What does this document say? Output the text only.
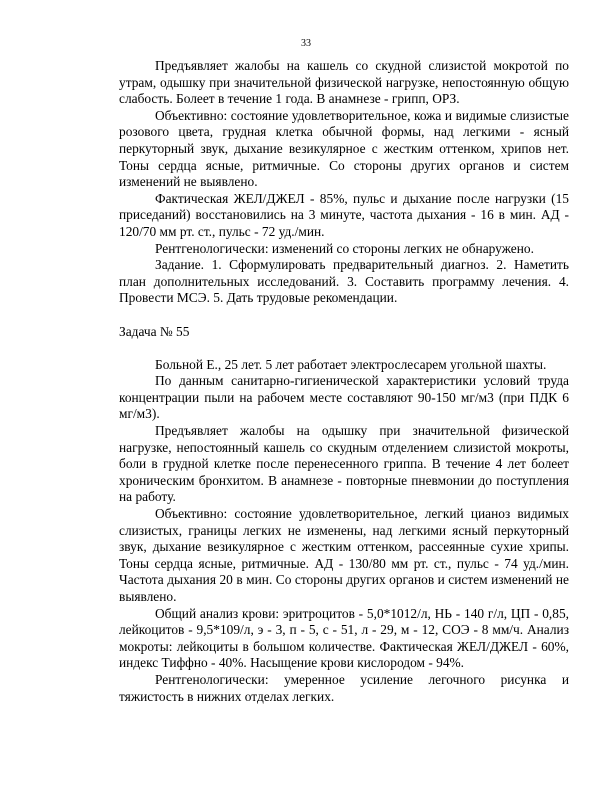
33

Предъявляет жалобы на кашель со скудной слизистой мокротой по утрам, одышку при значительной физической нагрузке, непостоянную общую слабость. Болеет в течение 1 года. В анамнезе - грипп, ОРЗ.

Объективно: состояние удовлетворительное, кожа и видимые слизистые розового цвета, грудная клетка обычной формы, над легкими - ясный перкуторный звук, дыхание везикулярное с жестким оттенком, хрипов нет. Тоны сердца ясные, ритмичные. Со стороны других органов и систем изменений не выявлено.

Фактическая ЖЕЛ/ДЖЕЛ - 85%, пульс и дыхание после нагрузки (15 приседаний) восстановились на 3 минуте, частота дыхания - 16 в мин. АД - 120/70 мм рт. ст., пульс - 72 уд./мин.

Рентгенологически: изменений со стороны легких не обнаружено.

Задание. 1. Сформулировать предварительный диагноз. 2. Наметить план дополнительных исследований. 3. Составить программу лечения. 4. Провести МСЭ. 5. Дать трудовые рекомендации.

Задача № 55

Больной Е., 25 лет. 5 лет работает электрослесарем угольной шахты.

По данным санитарно-гигиенической характеристики условий труда концентрации пыли на рабочем месте составляют 90-150 мг/м3 (при ПДК 6 мг/м3).

Предъявляет жалобы на одышку при значительной физической нагрузке, непостоянный кашель со скудным отделением слизистой мокроты, боли в грудной клетке после перенесенного гриппа. В течение 4 лет болеет хроническим бронхитом. В анамнезе - повторные пневмонии до поступления на работу.

Объективно: состояние удовлетворительное, легкий цианоз видимых слизистых, границы легких не изменены, над легкими ясный перкуторный звук, дыхание везикулярное с жестким оттенком, рассеянные сухие хрипы. Тоны сердца ясные, ритмичные. АД - 130/80 мм рт. ст., пульс - 74 уд./мин. Частота дыхания 20 в мин. Со стороны других органов и систем изменений не выявлено.

Общий анализ крови: эритроцитов - 5,0*1012/л, НЬ - 140 г/л, ЦП - 0,85, лейкоцитов - 9,5*109/л, э - 3, п - 5, с - 51, л - 29, м - 12, СОЭ - 8 мм/ч. Анализ мокроты: лейкоциты в большом количестве. Фактическая ЖЕЛ/ДЖЕЛ - 60%, индекс Тиффно - 40%. Насыщение крови кислородом - 94%.

Рентгенологически: умеренное усиление легочного рисунка и тяжистость в нижних отделах легких.
